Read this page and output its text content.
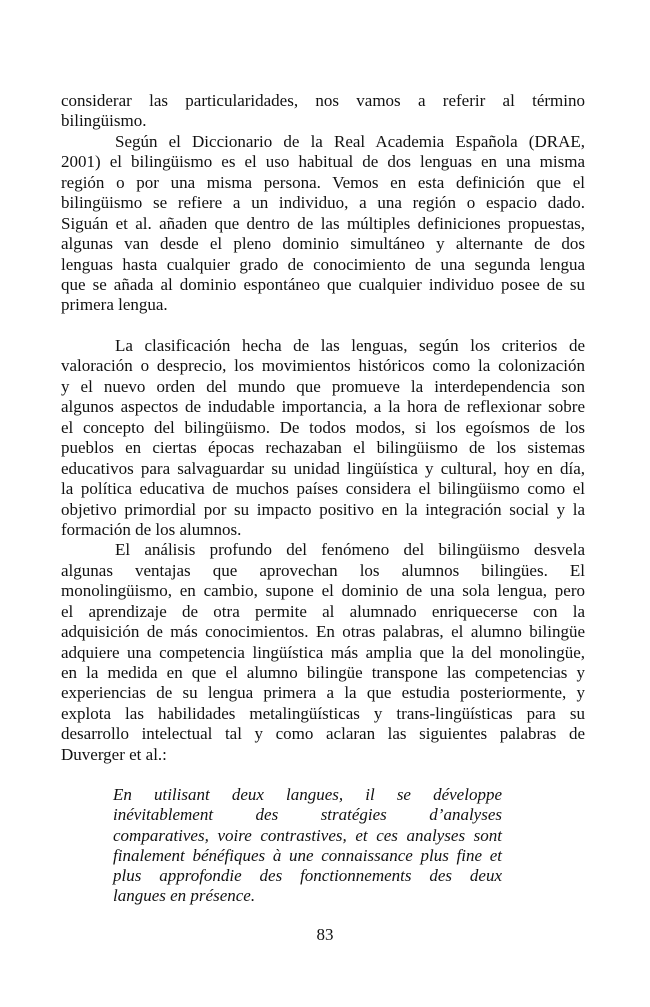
considerar las particularidades, nos vamos a referir al término
bilingüismo.
Según el Diccionario de la Real Academia Española (DRAE,
2001) el bilingüismo es el uso habitual de dos lenguas en una misma
región o por una misma persona. Vemos en esta definición que el
bilingüismo se refiere a un individuo, a una región o espacio dado.
Siguán et al. añaden que dentro de las múltiples definiciones propuestas,
algunas van desde el pleno dominio simultáneo y alternante de dos
lenguas hasta cualquier grado de conocimiento de una segunda lengua
que se añada al dominio espontáneo que cualquier individuo posee de su
primera lengua.
La clasificación hecha de las lenguas, según los criterios de
valoración o desprecio, los movimientos históricos como la colonización
y el nuevo orden del mundo que promueve la interdependencia son
algunos aspectos de indudable importancia, a la hora de reflexionar sobre
el concepto del bilingüismo. De todos modos, si los egoísmos de los
pueblos en ciertas épocas rechazaban el bilingüismo de los sistemas
educativos para salvaguardar su unidad lingüística y cultural, hoy en día,
la política educativa de muchos países considera el bilingüismo como el
objetivo primordial por su impacto positivo en la integración social y la
formación de los alumnos.
El análisis profundo del fenómeno del bilingüismo desvela
algunas ventajas que aprovechan los alumnos bilingües. El
monolingüismo, en cambio, supone el dominio de una sola lengua, pero
el aprendizaje de otra permite al alumnado enriquecerse con la
adquisición de más conocimientos. En otras palabras, el alumno bilingüe
adquiere una competencia lingüística más amplia que la del monolingüe,
en la medida en que el alumno bilingüe transpone las competencias y
experiencias de su lengua primera a la que estudia posteriormente, y
explota las habilidades metalingüísticas y trans-lingüísticas para su
desarrollo intelectual tal y como aclaran las siguientes palabras de
Duverger et al.:
En utilisant deux langues, il se développe
inévitablement des stratégies d’analyses
comparatives, voire contrastives, et ces analyses sont
finalement bénéfiques à une connaissance plus fine et
plus approfondie des fonctionnements des deux
langues en présence.
83
